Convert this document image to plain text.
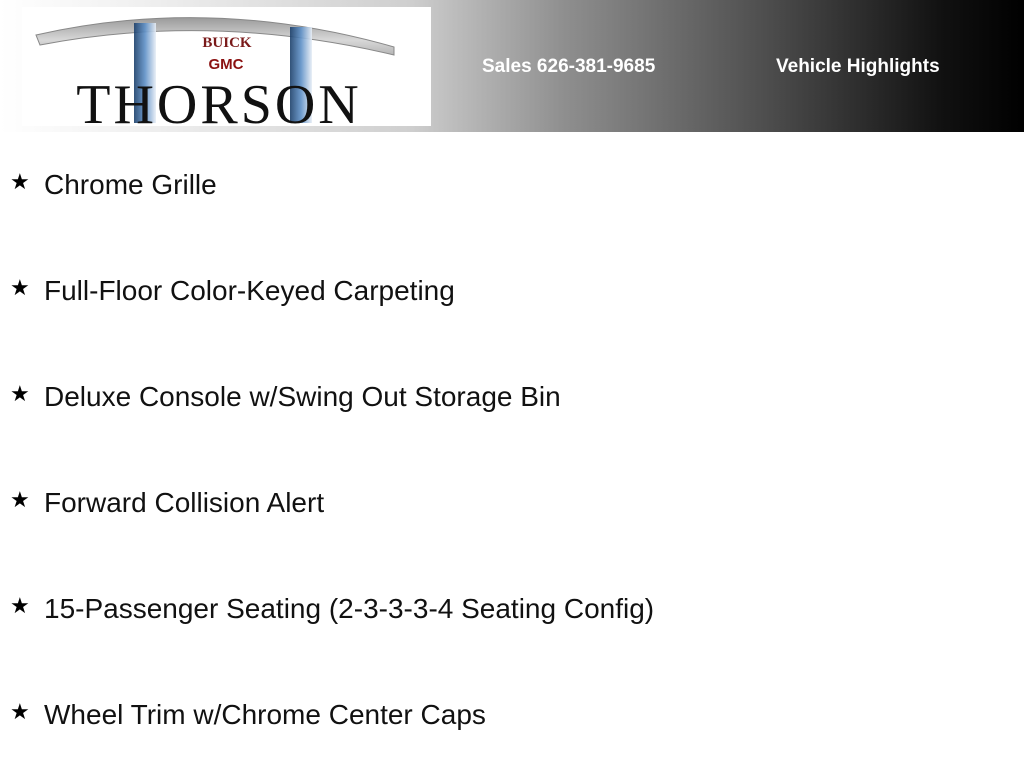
BUICK
GMC
THORSON
Sales 626-381-9685	Vehicle Highlights
★ Chrome Grille
★ Full-Floor Color-Keyed Carpeting
★ Deluxe Console w/Swing Out Storage Bin
★ Forward Collision Alert
★ 15-Passenger Seating (2-3-3-3-4 Seating Config)
★ Wheel Trim w/Chrome Center Caps
